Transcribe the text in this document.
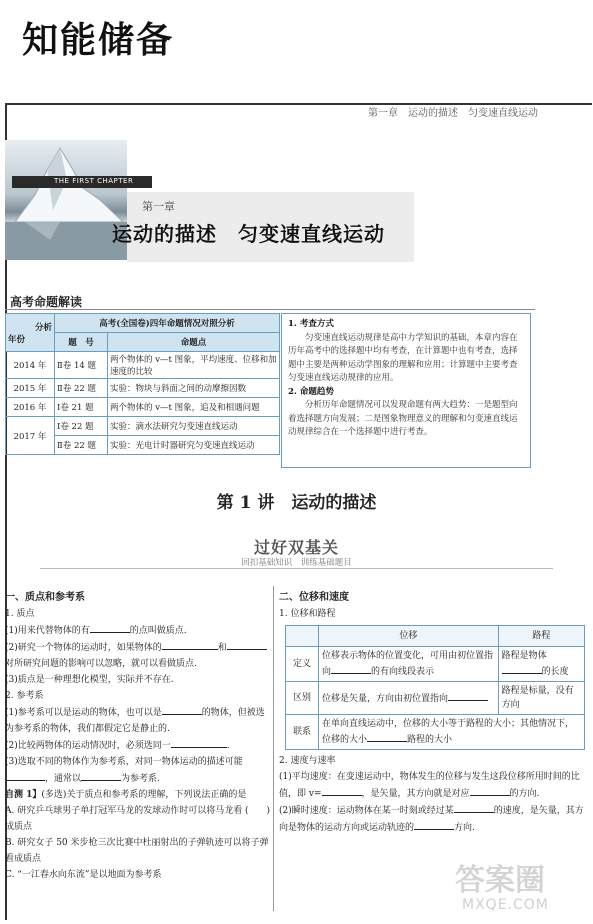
知能储备
第一章　运动的描述　匀变速直线运动
THE FIRST CHAPTER
第一章
运动的描述　匀变速直线运动
高考命题解读
分析
年份	高考(全国卷)四年命题情况对照分析	
	题　号	命题点
2014 年	Ⅱ卷 14 题	两个物体的 v—t 图象，平均速度、位移和加速度的比较
2015 年	Ⅱ卷 22 题	实验：物块与斜面之间的动摩擦因数
2016 年	Ⅰ卷 21 题	两个物体的 v—t 图象，追及和相遇问题
2017 年	Ⅰ卷 22 题	实验：滴水法研究匀变速直线运动
	Ⅱ卷 22 题	实验：光电计时器研究匀变速直线运动
1. 考查方式
匀变速直线运动规律是高中力学知识的基础，本章内容在历年高考中的选择题中均有考查，在计算题中也有考查，选择题中主要是两种运动学图象的理解和应用；计算题中主要考查匀变速直线运动规律的应用。
2. 命题趋势
分析历年命题情况可以发现命题有两大趋势：一是题型向着选择题方向发展；二是图象物理意义的理解和匀变速直线运动规律综合在一个选择题中进行考查。
第 1 讲　运动的描述
过好双基关
回扣基础知识　训练基础题目
一、质点和参考系
1. 质点
(1)用来代替物体的有	的点叫做质点.
(2)研究一个物体的运动时，如果物体的	和对所研究问题的影响可以忽略，就可以看做质点.
(3)质点是一种理想化模型，实际并不存在.
2. 参考系
(1)参考系可以是运动的物体，也可以是	的物体，但被选为参考系的物体，我们都假定它是静止的.
(2)比较两物体的运动情况时，必须选同一	.
(3)选取不同的物体作为参考系，对同一物体运动的描述可能，通常以	为参考系.
自测 1】(多选)关于质点和参考系的理解，下列说法正确的是
(　　)
A. 研究乒乓球男子单打冠军马龙的发球动作时可以将马龙看成质点
B. 研究女子 50 米步枪三次比赛中杜丽射出的子弹轨迹可以将子弹看成质点
C. “一江春水向东流”是以地面为参考系
二、位移和速度
1. 位移和路程
	位移	路程
定义	位移表示物体的位置变化，可用由初位置指向 的有向线段表示	路程是物体的长度
区别	位移是矢量，方向由初位置指向	路程是标量，没有方向
联系	在单向直线运动中，位移的大小等于路程的大小；其他情况下，位移的大小 路程的大小	
2. 速度与速率
(1)平均速度：在变速运动中，物体发生的位移与发生这段位移所用时间的比值，即 v=	，是矢量，其方向就是对应	的方向.
(2)瞬时速度：运动物体在某一时刻或经过某	的速度，是矢量，其方向是物体的运动方向或运动轨迹的	方向.
答案圈
MXQE.COM
